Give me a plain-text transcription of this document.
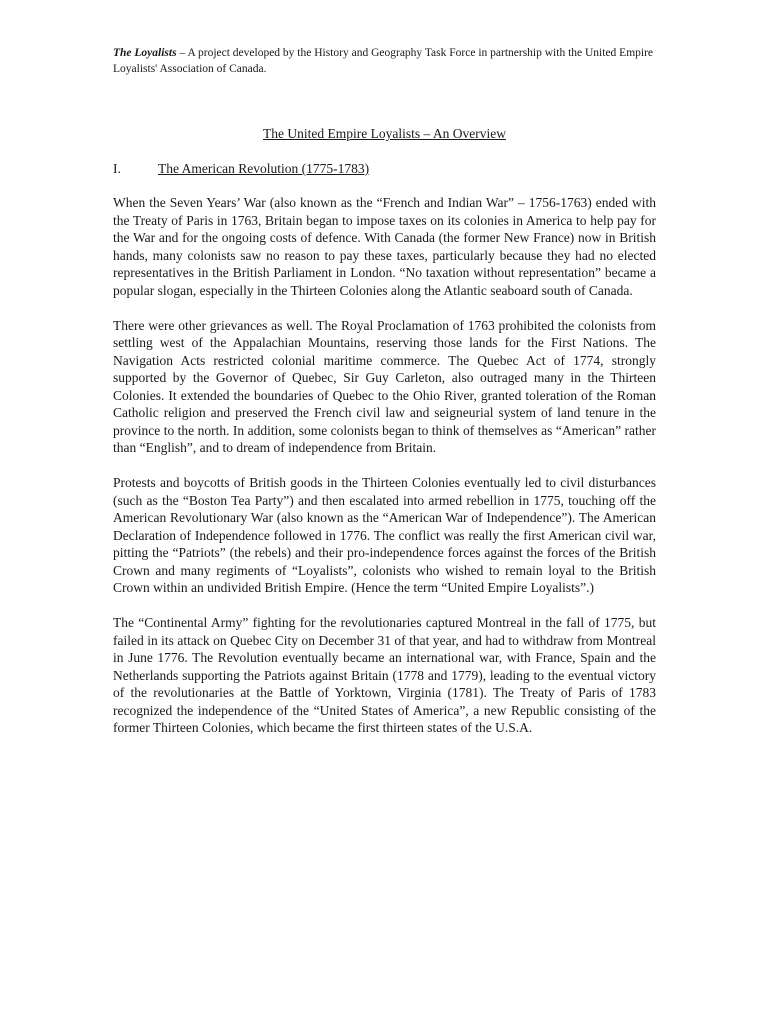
The Loyalists – A project developed by the History and Geography Task Force in partnership with the United Empire Loyalists' Association of Canada.
The United Empire Loyalists – An Overview
I.	The American Revolution (1775-1783)

When the Seven Years’ War (also known as the “French and Indian War” – 1756-1763) ended with the Treaty of Paris in 1763, Britain began to impose taxes on its colonies in America to help pay for the War and for the ongoing costs of defence. With Canada (the former New France) now in British hands, many colonists saw no reason to pay these taxes, particularly because they had no elected representatives in the British Parliament in London. “No taxation without representation” became a popular slogan, especially in the Thirteen Colonies along the Atlantic seaboard south of Canada.

There were other grievances as well. The Royal Proclamation of 1763 prohibited the colonists from settling west of the Appalachian Mountains, reserving those lands for the First Nations. The Navigation Acts restricted colonial maritime commerce. The Quebec Act of 1774, strongly supported by the Governor of Quebec, Sir Guy Carleton, also outraged many in the Thirteen Colonies. It extended the boundaries of Quebec to the Ohio River, granted toleration of the Roman Catholic religion and preserved the French civil law and seigneurial system of land tenure in the province to the north. In addition, some colonists began to think of themselves as “American” rather than “English”, and to dream of independence from Britain.

Protests and boycotts of British goods in the Thirteen Colonies eventually led to civil disturbances (such as the “Boston Tea Party”) and then escalated into armed rebellion in 1775, touching off the American Revolutionary War (also known as the “American War of Independence”). The American Declaration of Independence followed in 1776. The conflict was really the first American civil war, pitting the “Patriots” (the rebels) and their pro-independence forces against the forces of the British Crown and many regiments of “Loyalists”, colonists who wished to remain loyal to the British Crown within an undivided British Empire. (Hence the term “United Empire Loyalists”.)

The “Continental Army” fighting for the revolutionaries captured Montreal in the fall of 1775, but failed in its attack on Quebec City on December 31 of that year, and had to withdraw from Montreal in June 1776. The Revolution eventually became an international war, with France, Spain and the Netherlands supporting the Patriots against Britain (1778 and 1779), leading to the eventual victory of the revolutionaries at the Battle of Yorktown, Virginia (1781). The Treaty of Paris of 1783 recognized the independence of the “United States of America”, a new Republic consisting of the former Thirteen Colonies, which became the first thirteen states of the U.S.A.
